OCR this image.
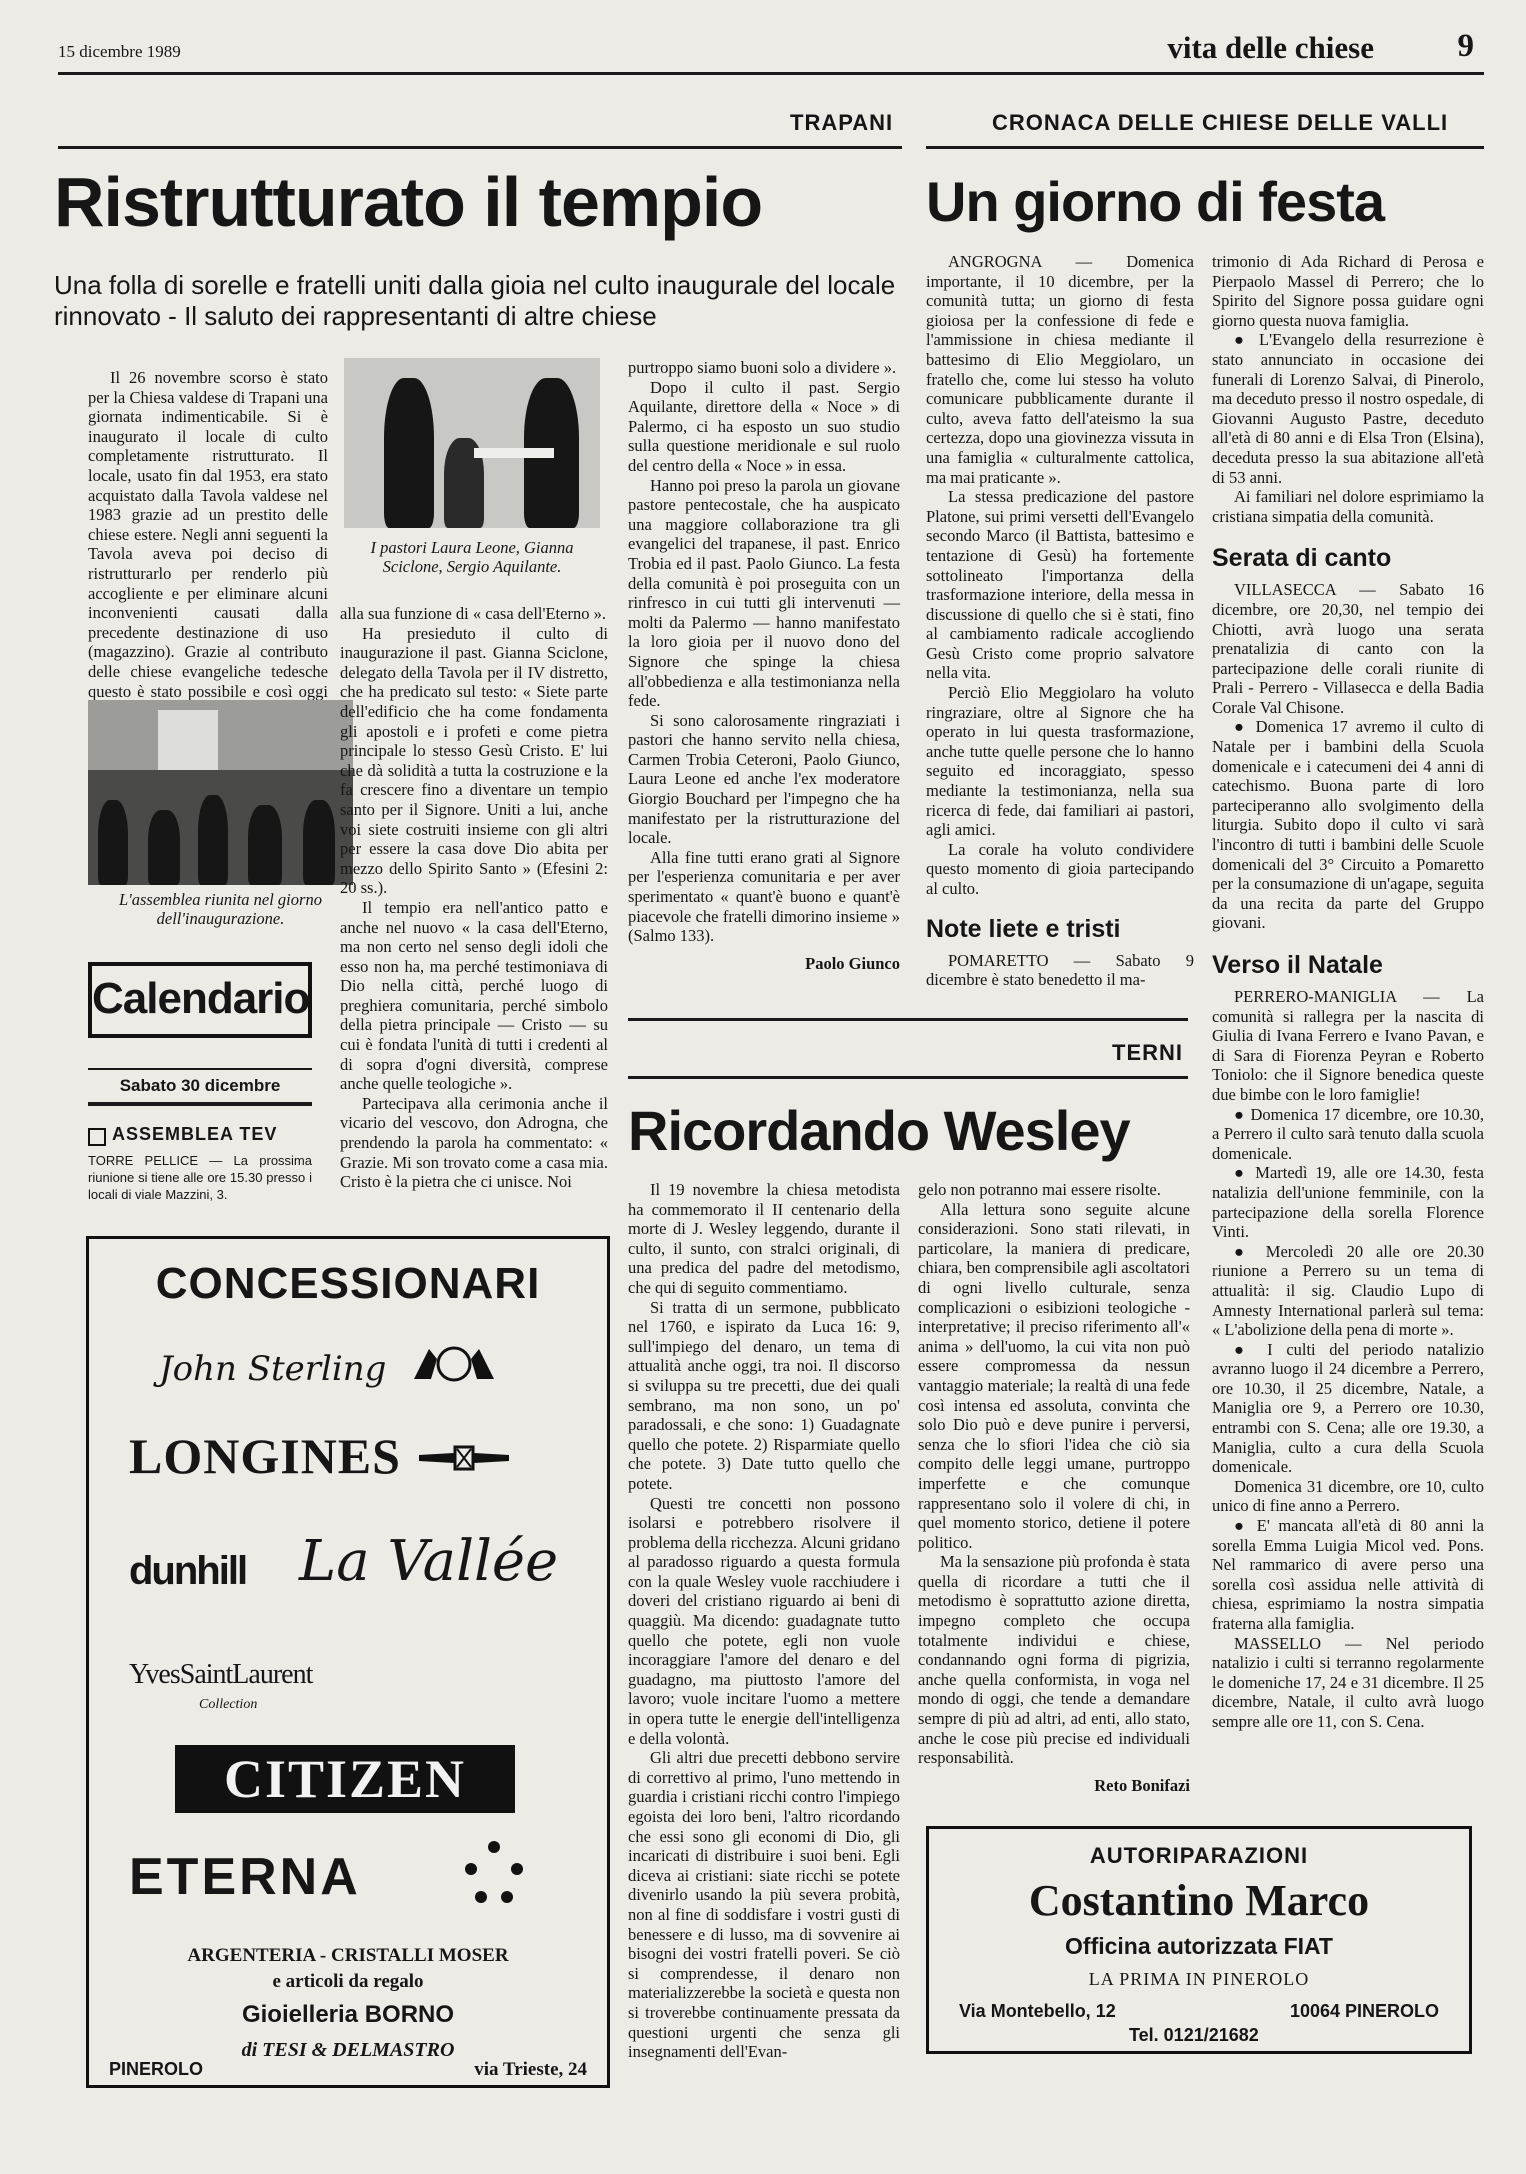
15 dicembre 1989	vita delle chiese	9
TRAPANI
Ristrutturato il tempio
Una folla di sorelle e fratelli uniti dalla gioia nel culto inaugurale del locale rinnovato - Il saluto dei rappresentanti di altre chiese

Il 26 novembre scorso è stato per la Chiesa valdese di Trapani una giornata indimenticabile. Si è inaugurato il locale di culto completamente ristrutturato. Il locale, usato fin dal 1953, era stato acquistato dalla Tavola valdese nel 1983 grazie ad un prestito delle chiese estere. Negli anni seguenti la Tavola aveva poi deciso di ristrutturarlo per renderlo più accogliente e per eliminare alcuni inconvenienti causati dalla precedente destinazione di uso (magazzino). Grazie al contributo delle chiese evangeliche tedesche questo è stato possibile e così oggi

L'assemblea riunita nel giorno dell'inaugurazione.
I pastori Laura Leone, Gianna Sciclone, Sergio Aquilante.

alla sua funzione di « casa dell'Eterno ».

Ha presieduto il culto di inaugurazione il past. Gianna Sciclone, delegato della Tavola per il IV distretto, che ha predicato sul testo: « Siete parte dell'edificio che ha come fondamenta gli apostoli e i profeti e come pietra principale lo stesso Gesù Cristo. E' lui che dà solidità a tutta la costruzione e la fa crescere fino a diventare un tempio santo per il Signore. Uniti a lui, anche voi siete costruiti insieme con gli altri per essere la casa dove Dio abita per mezzo dello Spirito Santo » (Efesini 2: 20 ss.).

Il tempio era nell'antico patto e anche nel nuovo « la casa dell'Eterno, ma non certo nel senso degli idoli che esso non ha, ma perché testimoniava di Dio nella città, perché luogo di preghiera comunitaria, perché simbolo della pietra principale — Cristo — su cui è fondata l'unità di tutti i credenti al di sopra d'ogni diversità, comprese anche quelle teologiche ».

Partecipava alla cerimonia anche il vicario del vescovo, don Adrogna, che prendendo la parola ha commentato: « Grazie. Mi son trovato come a casa mia. Cristo è la pietra che ci unisce. Noi

purtroppo siamo buoni solo a dividere ».

Dopo il culto il past. Sergio Aquilante, direttore della « Noce » di Palermo, ci ha esposto un suo studio sulla questione meridionale e sul ruolo del centro della « Noce » in essa.

Hanno poi preso la parola un giovane pastore pentecostale, che ha auspicato una maggiore collaborazione tra gli evangelici del trapanese, il past. Enrico Trobia ed il past. Paolo Giunco. La festa della comunità è poi proseguita con un rinfresco in cui tutti gli intervenuti — molti da Palermo — hanno manifestato la loro gioia per il nuovo dono del Signore che spinge la chiesa all'obbedienza e alla testimonianza nella fede.

Si sono calorosamente ringraziati i pastori che hanno servito nella chiesa, Carmen Trobia Ceteroni, Paolo Giunco, Laura Leone ed anche l'ex moderatore Giorgio Bouchard per l'impegno che ha manifestato per la ristrutturazione del locale.

Alla fine tutti erano grati al Signore per l'esperienza comunitaria e per aver sperimentato « quant'è buono e quant'è piacevole che fratelli dimorino insieme » (Salmo 133).

Paolo Giunco
Calendario
Sabato 30 dicembre
ASSEMBLEA TEV
TORRE PELLICE — La prossima riunione si tiene alle ore 15.30 presso i locali di viale Mazzini, 3.
CRONACA DELLE CHIESE DELLE VALLI
Un giorno di festa

ANGROGNA — Domenica importante, il 10 dicembre, per la comunità tutta; un giorno di festa gioiosa per la confessione di fede e l'ammissione in chiesa mediante il battesimo di Elio Meggiolaro, un fratello che, come lui stesso ha voluto comunicare pubblicamente durante il culto, aveva fatto dell'ateismo la sua certezza, dopo una giovinezza vissuta in una famiglia « culturalmente cattolica, ma mai praticante ».

La stessa predicazione del pastore Platone, sui primi versetti dell'Evangelo secondo Marco (il Battista, battesimo e tentazione di Gesù) ha fortemente sottolineato l'importanza della trasformazione interiore, della messa in discussione di quello che si è stati, fino al cambiamento radicale accogliendo Gesù Cristo come proprio salvatore nella vita.

Perciò Elio Meggiolaro ha voluto ringraziare, oltre al Signore che ha operato in lui questa trasformazione, anche tutte quelle persone che lo hanno seguito ed incoraggiato, spesso mediante la testimonianza, nella sua ricerca di fede, dai familiari ai pastori, agli amici.

La corale ha voluto condividere questo momento di gioia partecipando al culto.

Note liete e tristi

POMARETTO — Sabato 9 dicembre è stato benedetto il ma-

trimonio di Ada Richard di Perosa e Pierpaolo Massel di Perrero; che lo Spirito del Signore possa guidare ogni giorno questa nuova famiglia.

● L'Evangelo della resurrezione è stato annunciato in occasione dei funerali di Lorenzo Salvai, di Pinerolo, ma deceduto presso il nostro ospedale, di Giovanni Augusto Pastre, deceduto all'età di 80 anni e di Elsa Tron (Elsina), deceduta presso la sua abitazione all'età di 53 anni.

Ai familiari nel dolore esprimiamo la cristiana simpatia della comunità.

Serata di canto

VILLASECCA — Sabato 16 dicembre, ore 20,30, nel tempio dei Chiotti, avrà luogo una serata prenatalizia di canto con la partecipazione delle corali riunite di Prali - Perrero - Villasecca e della Badia Corale Val Chisone.

● Domenica 17 avremo il culto di Natale per i bambini della Scuola domenicale e i catecumeni dei 4 anni di catechismo. Buona parte di loro parteciperanno allo svolgimento della liturgia. Subito dopo il culto vi sarà l'incontro di tutti i bambini delle Scuole domenicali del 3° Circuito a Pomaretto per la consumazione di un'agape, seguita da una recita da parte del Gruppo giovani.

Verso il Natale

PERRERO-MANIGLIA — La comunità si rallegra per la nascita di Giulia di Ivana Ferrero e Ivano Pavan, e di Sara di Fiorenza Peyran e Roberto Toniolo: che il Signore benedica queste due bimbe con le loro famiglie!

● Domenica 17 dicembre, ore 10.30, a Perrero il culto sarà tenuto dalla scuola domenicale.

● Martedì 19, alle ore 14.30, festa natalizia dell'unione femminile, con la partecipazione della sorella Florence Vinti.

● Mercoledì 20 alle ore 20.30 riunione a Perrero su un tema di attualità: il sig. Claudio Lupo di Amnesty International parlerà sul tema: « L'abolizione della pena di morte ».

● I culti del periodo natalizio avranno luogo il 24 dicembre a Perrero, ore 10.30, il 25 dicembre, Natale, a Maniglia ore 9, a Perrero ore 10.30, entrambi con S. Cena; alle ore 19.30, a Maniglia, culto a cura della Scuola domenicale.

Domenica 31 dicembre, ore 10, culto unico di fine anno a Perrero.

● E' mancata all'età di 80 anni la sorella Emma Luigia Micol ved. Pons. Nel rammarico di avere perso una sorella così assidua nelle attività di chiesa, esprimiamo la nostra simpatia fraterna alla famiglia.

MASSELLO — Nel periodo natalizio i culti si terranno regolarmente le domeniche 17, 24 e 31 dicembre. Il 25 dicembre, Natale, il culto avrà luogo sempre alle ore 11, con S. Cena.

TERNI
Ricordando Wesley

Il 19 novembre la chiesa metodista ha commemorato il II centenario della morte di J. Wesley leggendo, durante il culto, il sunto, con stralci originali, di una predica del padre del metodismo, che qui di seguito commentiamo.

Si tratta di un sermone, pubblicato nel 1760, e ispirato da Luca 16: 9, sull'impiego del denaro, un tema di attualità anche oggi, tra noi. Il discorso si sviluppa su tre precetti, due dei quali sembrano, ma non sono, un po' paradossali, e che sono: 1) Guadagnate quello che potete. 2) Risparmiate quello che potete. 3) Date tutto quello che potete.

Questi tre concetti non possono isolarsi e potrebbero risolvere il problema della ricchezza. Alcuni gridano al paradosso riguardo a questa formula con la quale Wesley vuole racchiudere i doveri del cristiano riguardo ai beni di quaggiù. Ma dicendo: guadagnate tutto quello che potete, egli non vuole incoraggiare l'amore del denaro e del guadagno, ma piuttosto l'amore del lavoro; vuole incitare l'uomo a mettere in opera tutte le energie dell'intelligenza e della volontà.

Gli altri due precetti debbono servire di correttivo al primo, l'uno mettendo in guardia i cristiani ricchi contro l'impiego egoista dei loro beni, l'altro ricordando che essi sono gli economi di Dio, gli incaricati di distribuire i suoi beni. Egli diceva ai cristiani: siate ricchi se potete divenirlo usando la più severa probità, non al fine di soddisfare i vostri gusti di benessere e di lusso, ma di sovvenire ai bisogni dei vostri fratelli poveri. Se ciò si comprendesse, il denaro non materializzerebbe la società e questa non si troverebbe continuamente pressata da questioni urgenti che senza gli insegnamenti dell'Evan-

gelo non potranno mai essere risolte.

Alla lettura sono seguite alcune considerazioni. Sono stati rilevati, in particolare, la maniera di predicare, chiara, ben comprensibile agli ascoltatori di ogni livello culturale, senza complicazioni o esibizioni teologiche - interpretative; il preciso riferimento all'« anima » dell'uomo, la cui vita non può essere compromessa da nessun vantaggio materiale; la realtà di una fede così intensa ed assoluta, convinta che solo Dio può e deve punire i perversi, senza che lo sfiori l'idea che ciò sia compito delle leggi umane, purtroppo imperfette e che comunque rappresentano solo il volere di chi, in quel momento storico, detiene il potere politico.

Ma la sensazione più profonda è stata quella di ricordare a tutti che il metodismo è soprattutto azione diretta, impegno completo che occupa totalmente individui e chiese, condannando ogni forma di pigrizia, anche quella conformista, in voga nel mondo di oggi, che tende a demandare sempre di più ad altri, ad enti, allo stato, anche le cose più precise ed individuali responsabilità.

Reto Bonifazi
CONCESSIONARI
John Sterling
LONGINES
dunhill La Vallée
YvesSaintLaurent
Collection
CITIZEN
ETERNA
ARGENTERIA - CRISTALLI MOSER
e articoli da regalo
Gioielleria BORNO
di TESI & DELMASTRO
PINEROLO	via Trieste, 24
AUTORIPARAZIONI
Costantino Marco
Officina autorizzata FIAT
LA PRIMA IN PINEROLO
Via Montebello, 12	10064 PINEROLO
Tel. 0121/21682
